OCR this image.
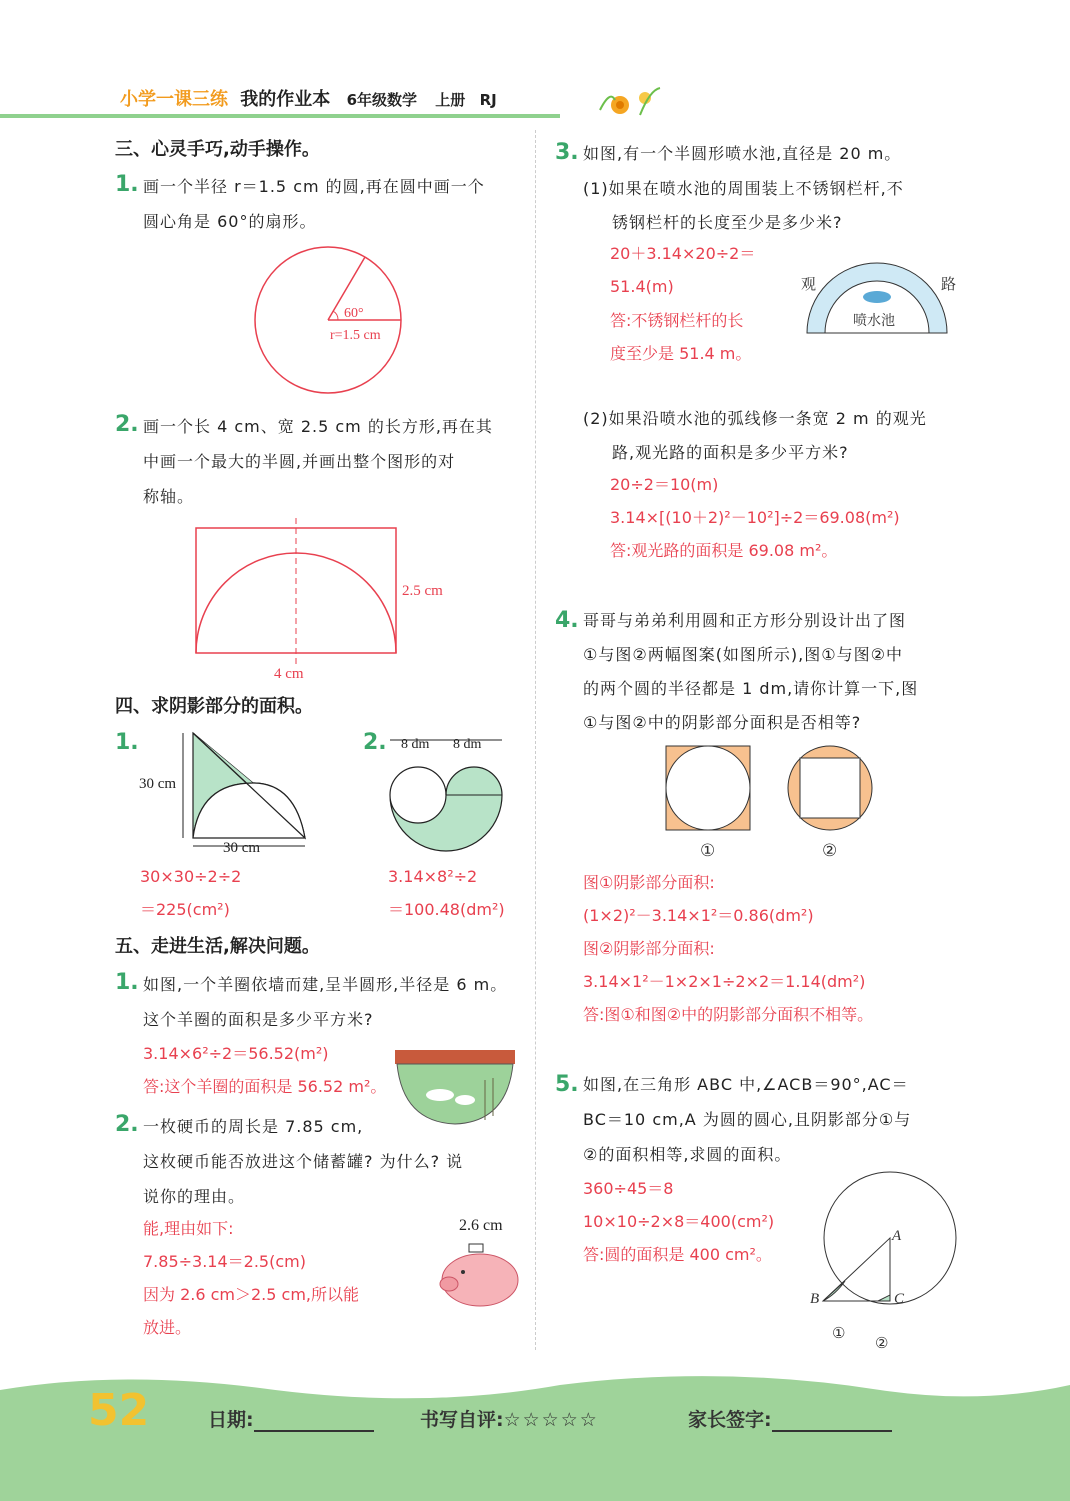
小学一课三练 我的作业本 6年级数学 上册 RJ
三、心灵手巧,动手操作。
1. 画一个半径 r＝1.5 cm 的圆,再在圆中画一个
圆心角是 60°的扇形。
60°
r=1.5 cm
2. 画一个长 4 cm、宽 2.5 cm 的长方形,再在其
中画一个最大的半圆,并画出整个图形的对
称轴。
2.5 cm
4 cm
四、求阴影部分的面积。
1.
30 cm
30 cm
2. 8 dm 8 dm
30×30÷2÷2
＝225(cm²)
3.14×8²÷2
＝100.48(dm²)
五、走进生活,解决问题。
1. 如图,一个羊圈依墙而建,呈半圆形,半径是 6 m。
这个羊圈的面积是多少平方米?
3.14×6²÷2＝56.52(m²)
答:这个羊圈的面积是 56.52 m²。
2. 一枚硬币的周长是 7.85 cm,
这枚硬币能否放进这个储蓄罐? 为什么? 说
说你的理由。
能,理由如下:
7.85÷3.14＝2.5(cm)
因为 2.6 cm＞2.5 cm,所以能
放进。
2.6 cm
3. 如图,有一个半圆形喷水池,直径是 20 m。
(1)如果在喷水池的周围装上不锈钢栏杆,不
锈钢栏杆的长度至少是多少米?
20＋3.14×20÷2＝
51.4(m)
答:不锈钢栏杆的长
度至少是 51.4 m。
观	路
喷水池
(2)如果沿喷水池的弧线修一条宽 2 m 的观光
路,观光路的面积是多少平方米?
20÷2＝10(m)
3.14×[(10＋2)²－10²]÷2＝69.08(m²)
答:观光路的面积是 69.08 m²。
4. 哥哥与弟弟利用圆和正方形分别设计出了图
①与图②两幅图案(如图所示),图①与图②中
的两个圆的半径都是 1 dm,请你计算一下,图
①与图②中的阴影部分面积是否相等?
①	②
图①阴影部分面积:
(1×2)²－3.14×1²＝0.86(dm²)
图②阴影部分面积:
3.14×1²－1×2×1÷2×2＝1.14(dm²)
答:图①和图②中的阴影部分面积不相等。
5. 如图,在三角形 ABC 中,∠ACB＝90°,AC＝
BC＝10 cm,A 为圆的圆心,且阴影部分①与
②的面积相等,求圆的面积。
360÷45＝8
10×10÷2×8＝400(cm²)
答:圆的面积是 400 cm²。
A
B	C
①
②
52	日期:	书写自评:☆☆☆☆☆	家长签字:
